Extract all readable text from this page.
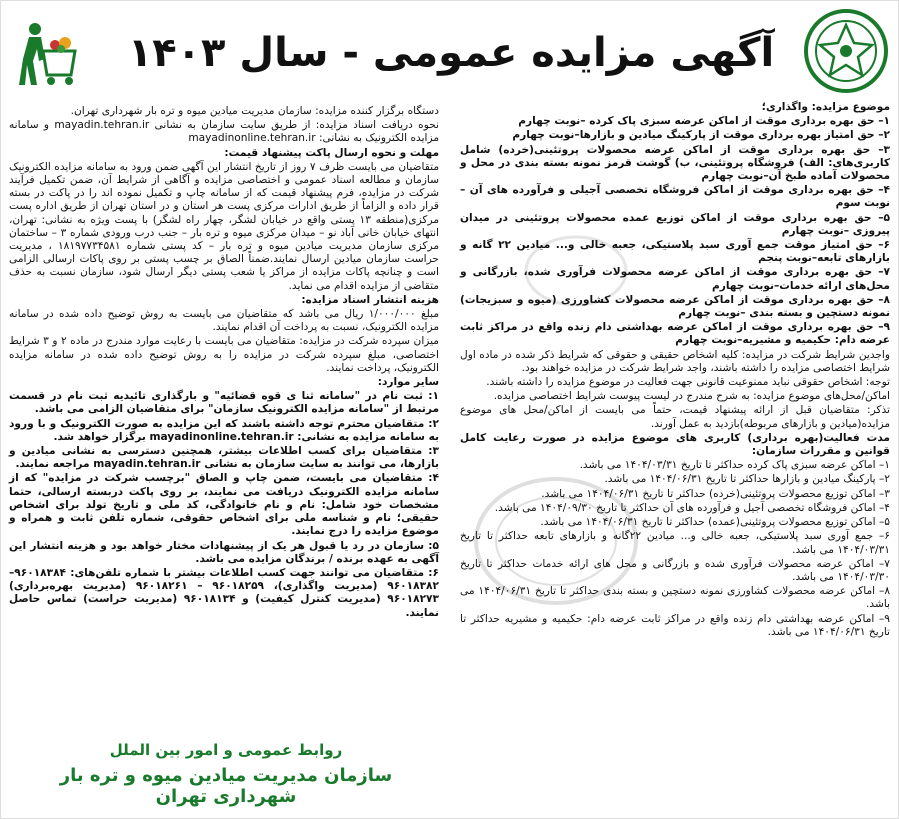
آگهی مزایده عمومی - سال ۱۴۰۳

موضوع مزایده: واگذاری؛

۱– حق بهره برداری موقت از اماکن عرضه سبزی پاک کرده –نوبت چهارم

۲– حق امتیاز بهره برداری موقت از پارکینگ میادین و بازارها–نوبت چهارم

۳– حق بهره برداری موقت از اماکن عرضه محصولات پروتئینی(خرده) شامل کاربری‌های: الف) فروشگاه پروتئینی، ب) گوشت قرمز نمونه بسته بندی در محل و محصولات آماده طبخ آن–نوبت چهارم

۴– حق بهره برداری موقت از اماکن فروشگاه تخصصی آجیلی و فرآورده های آن – نوبت سوم

۵– حق بهره برداری موقت از اماکن توزیع عمده محصولات پروتئینی در میدان پیروزی –نوبت چهارم

۶– حق امتیاز موقت جمع آوری سبد پلاستیکی، جعبه خالی و... میادین ۲۲ گانه و بازارهای تابعه–نوبت پنجم

۷– حق بهره برداری موقت از اماکن عرضه محصولات فرآوری شده، بازرگانی و محل‌های ارائه خدمات–نوبت چهارم

۸– حق بهره برداری موقت از اماکن عرضه محصولات کشاورزی (میوه و سبزیجات) نمونه دستچین و بسته بندی –نوبت چهارم

۹– حق بهره برداری موقت از اماکن عرضه بهداشتی دام زنده واقع در مراکز ثابت عرضه دام: حکیمیه و مشیریه–نوبت چهارم

واجدین شرایط شرکت در مزایده: کلیه اشخاص حقیقی و حقوقی که شرایط ذکر شده در ماده اول شرایط اختصاصی مزایده را داشته باشند، واجد شرایط شرکت در مزایده خواهند بود.

توجه: اشخاص حقوقی نباید ممنوعیت قانونی جهت فعالیت در موضوع مزایده را داشته باشند.

اماکن/محل‌های موضوع مزایده: به شرح مندرج در لیست پیوست شرایط اختصاصی مزایده.

تذکر: متقاضیان قبل از ارائه پیشنهاد قیمت، حتماً می بایست از اماکن/محل های موضوع مزایده(میادین و بازارهای مربوطه)بازدید به عمل آورند.

مدت فعالیت(بهره برداری) کاربری های موضوع مزایده در صورت رعایت کامل قوانین و مقررات سازمان:

۱– اماکن عرضه سبزی پاک کرده حداکثر تا تاریخ ۱۴۰۴/۰۳/۳۱ می باشد.

۲– پارکینگ میادین و بازارها حداکثر تا تاریخ ۱۴۰۴/۰۶/۳۱ می باشد.

۳– اماکن توزیع محصولات پروتئینی(خرده) حداکثر تا تاریخ ۱۴۰۴/۰۶/۳۱ می باشد.

۴– اماکن فروشگاه تخصصی آجیل و فرآورده های آن حداکثر تا تاریخ ۱۴۰۴/۰۹/۳۰ می باشد.

۵– اماکن توزیع محصولات پروتئینی(عمده) حداکثر تا تاریخ ۱۴۰۴/۰۶/۳۱ می باشد.

۶– جمع آوری سبد پلاستیکی، جعبه خالی و... میادین ۲۲گانه و بازارهای تابعه حداکثر تا تاریخ ۱۴۰۴/۰۳/۳۱ می باشد.

۷– اماکن عرضه محصولات فرآوری شده و بازرگانی و محل های ارائه خدمات حداکثر تا تاریخ ۱۴۰۴/۰۳/۳۰ می باشد.

۸– اماکن عرضه محصولات کشاورزی نمونه دستچین و بسته بندی حداکثر تا تاریخ ۱۴۰۴/۰۶/۳۱ می باشد.

۹– اماکن عرضه بهداشتی دام زنده واقع در مراکز ثابت عرضه دام: حکیمیه و مشیریه حداکثر تا تاریخ ۱۴۰۴/۰۶/۳۱ می باشد.

دستگاه برگزار کننده مزایده: سازمان مدیریت میادین میوه و تره بار شهرداری تهران.

نحوه دریافت اسناد مزایده: از طریق سایت سازمان به نشانی mayadin.tehran.ir و سامانه مزایده الکترونیک به نشانی: mayadinonline.tehran.ir

مهلت و نحوه ارسال پاکت پیشنهاد قیمت:

متقاضیان می بایست ظرف ۷ روز از تاریخ انتشار این آگهی ضمن ورود به سامانه مزایده الکترونیک سازمان و مطالعه اسناد عمومی و اختصاصی مزایده و آگاهی از شرایط آن، ضمن تکمیل فرآیند شرکت در مزایده، فرم پیشنهاد قیمت که از سامانه چاپ و تکمیل نموده اند را در پاکت در بسته قرار داده و الزاماً از طریق ادارات مرکزی پست هر استان و در استان تهران از طریق اداره پست مرکزی(منطقه ۱۳ پستی واقع در خیابان لشگر، چهار راه لشگر) با پست ویژه به نشانی: تهران، انتهای خیابان خانی آباد نو – میدان مرکزی میوه و تره بار – جنب درب ورودی شماره ۳ – ساختمان مرکزی سازمان مدیریت میادین میوه و تره بار – کد پستی شماره ۱۸۱۹۷۷۳۴۵۸۱ ، مدیریت حراست سازمان میادین ارسال نمایند.ضمناً الصاق بر چسب پستی بر روی پاکات ارسالی الزامی است و چنانچه پاکات مزایده از مراکز یا شعب پستی دیگر ارسال شود، سازمان نسبت به حذف متقاضی از مزایده اقدام می نماید.

هزینه انتشار اسناد مزایده:

مبلغ ۱/۰۰۰/۰۰۰ ریال می باشد که متقاضیان می بایست به روش توضیح داده شده در سامانه مزایده الکترونیک، نسبت به پرداخت آن اقدام نمایند.

میزان سپرده شرکت در مزایده: متقاضیان می بایست با رعایت موارد مندرج در ماده ۲ و ۳ شرایط اختصاصی، مبلغ سپرده شرکت در مزایده را به روش توضیح داده شده در سامانه مزایده الکترونیک، پرداخت نمایند.

سایر موارد:

۱: ثبت نام در "سامانه ثنا ی قوه قضائیه" و بارگذاری تائیدیه ثبت نام در قسمت مرتبط از "سامانه مزایده الکترونیک سازمان" برای متقاضیان الزامی می باشد.

۲: متقاضیان محترم توجه داشته باشند که این مزایده به صورت الکترونیک و با ورود به سامانه مزایده به نشانی: mayadinonline.tehran.ir برگزار خواهد شد.

۳: متقاضیان برای کسب اطلاعات بیشتر، همچنین دسترسی به نشانی میادین و بازارها، می توانند به سایت سازمان به نشانی mayadin.tehran.ir مراجعه نمایند.

۴: متقاضیان می بایست، ضمن چاپ و الصاق "برچسب شرکت در مزایده" که از سامانه مزایده الکترونیک دریافت می نمایند، بر روی پاکت دربسته ارسالی، حتما مشخصات خود شامل: نام و نام خانوادگی، کد ملی و تاریخ تولد برای اشخاص حقیقی؛ نام و شناسه ملی برای اشخاص حقوقی، شماره تلفن ثابت و همراه و موضوع مزایده را درج نمایند.

۵: سازمان در رد یا قبول هر یک از پیشنهادات مختار خواهد بود و هزینه انتشار این آگهی به عهده برنده / برندگان مزایده می باشد.

۶: متقاضیان می توانند جهت کسب اطلاعات بیشتر با شماره تلفن‌های: ۹۶۰۱۸۳۸۴– ۹۶۰۱۸۳۸۲ (مدیریت واگذاری)، ۹۶۰۱۸۲۵۹ – ۹۶۰۱۸۲۶۱ (مدیریت بهره‌برداری) ۹۶۰۱۸۲۷۳ (مدیریت کنترل کیفیت) و ۹۶۰۱۸۱۳۴ (مدیریت حراست) تماس حاصل نمایند.

روابط عمومی و امور بین الملل
سازمان مدیریت میادین میوه و تره بار شهرداری تهران
